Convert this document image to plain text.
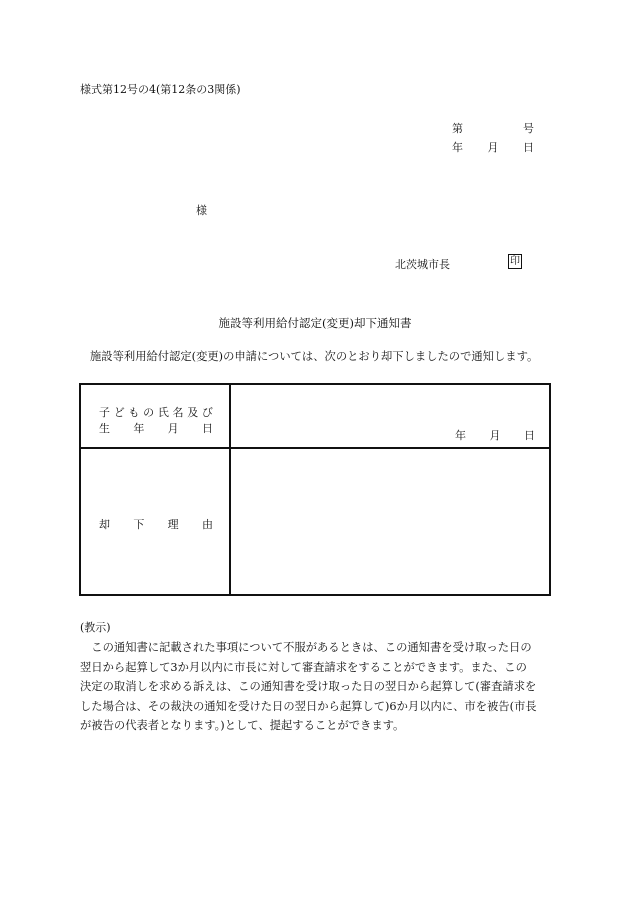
様式第12号の4(第12条の3関係)
第	号
年 月 日
様
北茨城市長	印
施設等利用給付認定(変更)却下通知書
施設等利用給付認定(変更)の申請については、次のとおり却下しましたので通知します。
子 ど も の 氏 名 及 び
生 年 月 日
年 月 日
却 下 理 由
(教示)
　この通知書に記載された事項について不服があるときは、この通知書を受け取った日の
翌日から起算して3か月以内に市長に対して審査請求をすることができます。また、この
決定の取消しを求める訴えは、この通知書を受け取った日の翌日から起算して(審査請求を
した場合は、その裁決の通知を受けた日の翌日から起算して)6か月以内に、市を被告(市長
が被告の代表者となります。)として、提起することができます。
